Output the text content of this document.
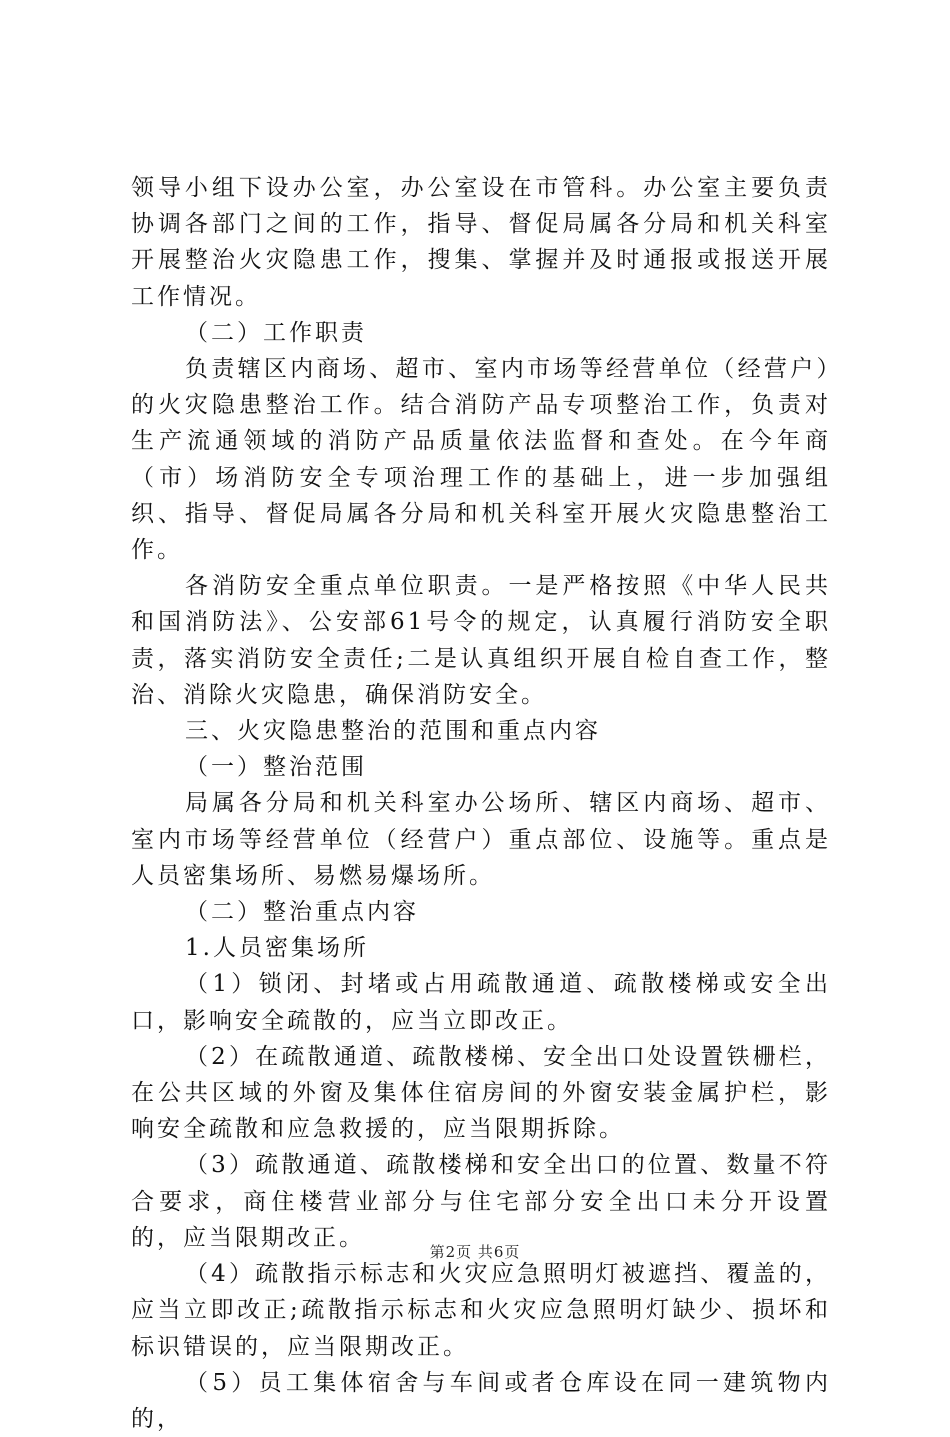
领导小组下设办公室，办公室设在市管科。办公室主要负责协调各部门之间的工作，指导、督促局属各分局和机关科室开展整治火灾隐患工作，搜集、掌握并及时通报或报送开展工作情况。

（二）工作职责

负责辖区内商场、超市、室内市场等经营单位（经营户）的火灾隐患整治工作。结合消防产品专项整治工作，负责对生产流通领域的消防产品质量依法监督和查处。在今年商（市）场消防安全专项治理工作的基础上，进一步加强组织、指导、督促局属各分局和机关科室开展火灾隐患整治工作。

各消防安全重点单位职责。一是严格按照《中华人民共和国消防法》、公安部61号令的规定，认真履行消防安全职责，落实消防安全责任;二是认真组织开展自检自查工作，整治、消除火灾隐患，确保消防安全。

三、火灾隐患整治的范围和重点内容

（一）整治范围

局属各分局和机关科室办公场所、辖区内商场、超市、室内市场等经营单位（经营户）重点部位、设施等。重点是人员密集场所、易燃易爆场所。

（二）整治重点内容

1.人员密集场所

（1）锁闭、封堵或占用疏散通道、疏散楼梯或安全出口，影响安全疏散的，应当立即改正。

（2）在疏散通道、疏散楼梯、安全出口处设置铁栅栏，在公共区域的外窗及集体住宿房间的外窗安装金属护栏，影响安全疏散和应急救援的，应当限期拆除。

（3）疏散通道、疏散楼梯和安全出口的位置、数量不符合要求，商住楼营业部分与住宅部分安全出口未分开设置的，应当限期改正。

（4）疏散指示标志和火灾应急照明灯被遮挡、覆盖的，应当立即改正;疏散指示标志和火灾应急照明灯缺少、损坏和标识错误的，应当限期改正。

（5）员工集体宿舍与车间或者仓库设在同一建筑物内的，

第2页 共6页
